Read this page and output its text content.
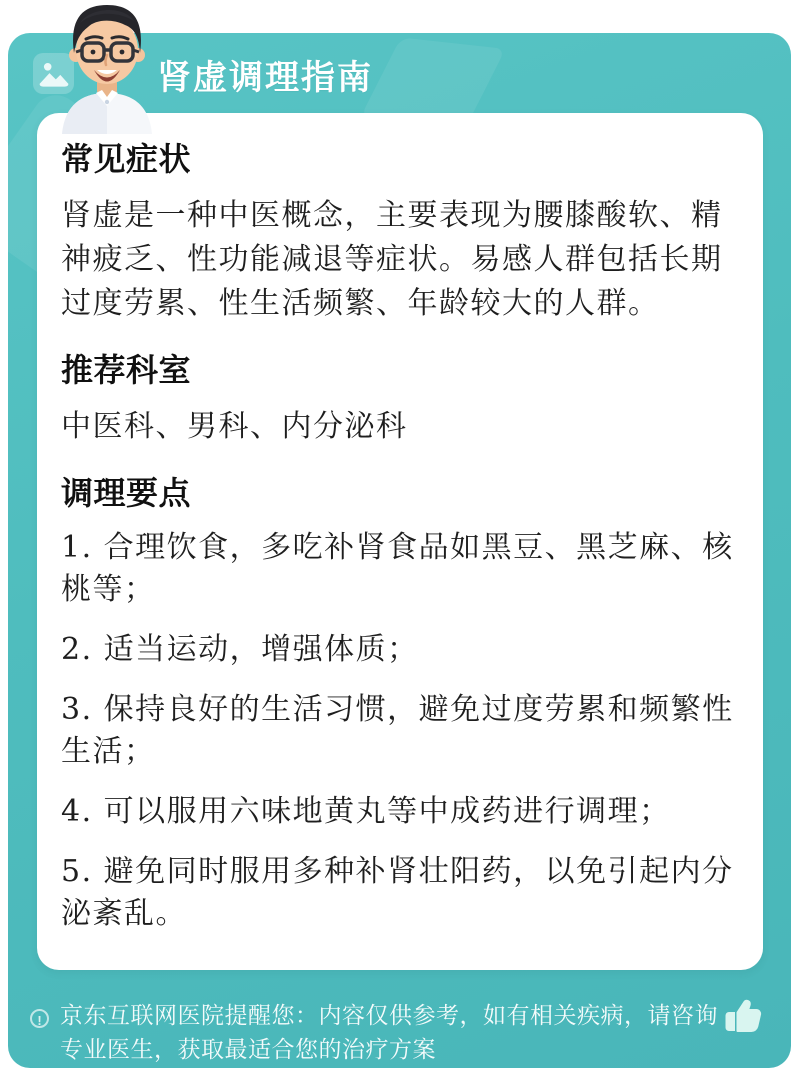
肾虚调理指南
常见症状

肾虚是一种中医概念，主要表现为腰膝酸软、精神疲乏、性功能减退等症状。易感人群包括长期过度劳累、性生活频繁、年龄较大的人群。

推荐科室

中医科、男科、内分泌科

调理要点
1. 合理饮食，多吃补肾食品如黑豆、黑芝麻、核桃等；
2. 适当运动，增强体质；
3. 保持良好的生活习惯，避免过度劳累和频繁性生活；
4. 可以服用六味地黄丸等中成药进行调理；
5. 避免同时服用多种补肾壮阳药，以免引起内分泌紊乱。
! 京东互联网医院提醒您：内容仅供参考，如有相关疾病，请咨询专业医生，获取最适合您的治疗方案
